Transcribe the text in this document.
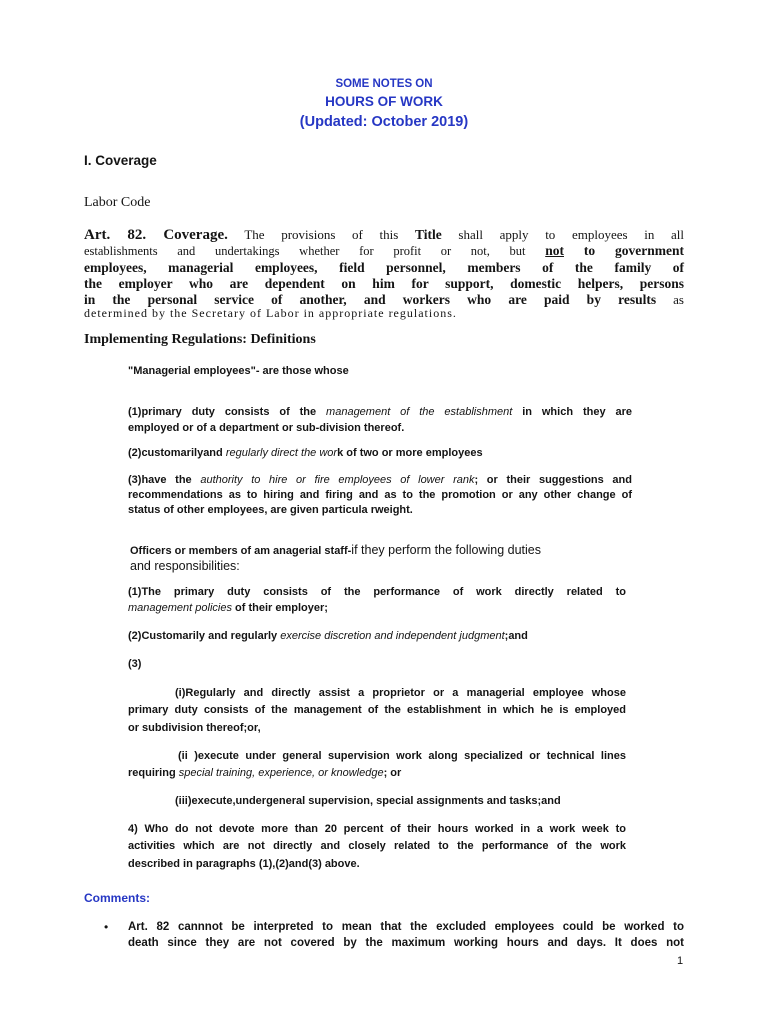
SOME NOTES ON
HOURS OF WORK
(Updated: October 2019)
I. Coverage
Labor Code
Art. 82. Coverage. The provisions of this Title shall apply to employees in all
establishments and undertakings whether for profit or not, but not to government
employees, managerial employees, field personnel, members of the family of
the employer who are dependent on him for support, domestic helpers, persons
in the personal service of another, and workers who are paid by results as
determined by the Secretary of Labor in appropriate regulations.
Implementing Regulations: Definitions
"Managerial employees"- are those whose
(1)primary duty consists of the management of the establishment in which they are
employed or of a department or sub-division thereof.
(2)customarilyand regularly direct the work of two or more employees
(3)have the authority to hire or fire employees of lower rank; or their suggestions and
recommendations as to hiring and firing and as to the promotion or any other change of
status of other employees, are given particula rweight.
Officers or members of am anagerial staff-if they perform the following duties
and responsibilities:
(1)The primary duty consists of the performance of work directly related to
management policies of their employer;
(2)Customarily and regularly exercise discretion and independent judgment;and
(3)
(i)Regularly and directly assist a proprietor or a managerial employee whose
primary duty consists of the management of the establishment in which he is employed
or subdivision thereof;or,
(ii )execute under general supervision work along specialized or technical lines
requiring special training, experience, or knowledge; or
(iii)execute,undergeneral supervision, special assignments and tasks;and
4) Who do not devote more than 20 percent of their hours worked in a work week to
activities which are not directly and closely related to the performance of the work
described in paragraphs (1),(2)and(3) above.
Comments:
• Art. 82 cannnot be interpreted to mean that the excluded employees could be worked to
death since they are not covered by the maximum working hours and days. It does not
1
